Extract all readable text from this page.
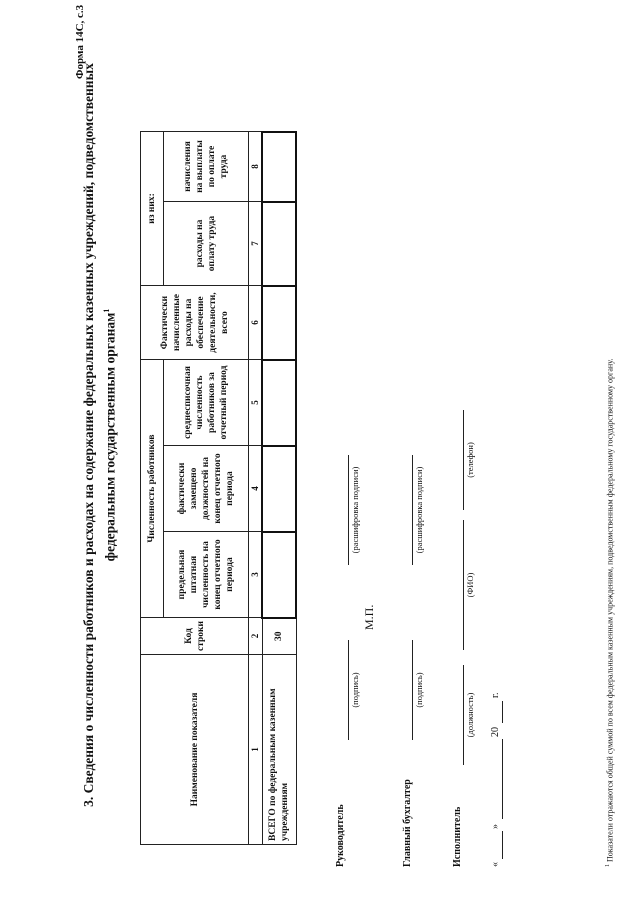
Форма 14С, с.3
3. Сведения о численности работников и расходах на содержание федеральных казенных учреждений, подведомственных федеральным государственным органам$^1$
Наименование показателя	Код строки	Численность работников			Фактически начисленные расходы на обеспечение деятельности, всего	из них:	
		предельная штатная численность на конец отчетного периода	фактически замещено должностей на конец отчетного периода	среднесписочная численность работников за отчетный период		расходы на оплату труда	начисления на выплаты по оплате труда
1	2	3	4	5	6	7	8
ВСЕГО по федеральным казенным учреждениям	30						
Руководитель
(подпись)
(расшифровка подписи)
М.П.
Главный бухгалтер
(подпись)
(расшифровка подписи)
Исполнитель
(должность)
(ФИО)
(телефон)
«
»
20
г.
$^1$ Показатели отражаются общей суммой по всем федеральным казенным учреждениям, подведомственным федеральному государственному органу.
